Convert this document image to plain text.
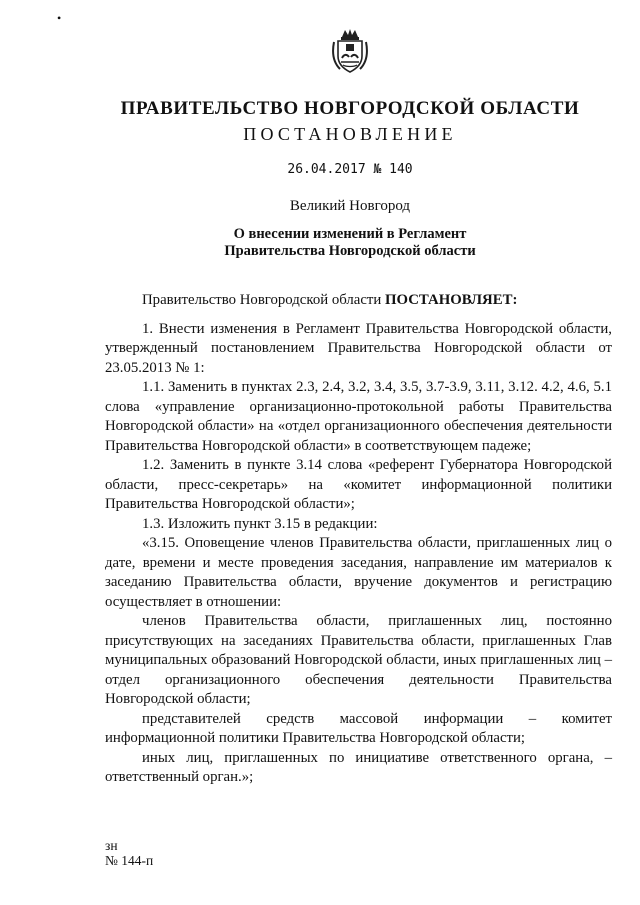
•
ПРАВИТЕЛЬСТВО НОВГОРОДСКОЙ ОБЛАСТИ
ПОСТАНОВЛЕНИЕ
26.04.2017 № 140
Великий Новгород
О внесении изменений в Регламент
Правительства Новгородской области

Правительство Новгородской области ПОСТАНОВЛЯЕТ:

1. Внести изменения в Регламент Правительства Новгородской области, утвержденный постановлением Правительства Новгородской области от 23.05.2013 № 1:

1.1. Заменить в пунктах 2.3, 2.4, 3.2, 3.4, 3.5, 3.7-3.9, 3.11, 3.12. 4.2, 4.6, 5.1 слова «управление организационно-протокольной работы Правительства Новгородской области» на «отдел организационного обеспечения деятельности Правительства Новгородской области» в соответствующем падеже;

1.2. Заменить в пункте 3.14 слова «референт Губернатора Новгородской области, пресс-секретарь» на «комитет информационной политики Правительства Новгородской области»;

1.3. Изложить пункт 3.15 в редакции:

«3.15. Оповещение членов Правительства области, приглашенных лиц о дате, времени и месте проведения заседания, направление им материалов к заседанию Правительства области, вручение документов и регистрацию осуществляет в отношении:

членов Правительства области, приглашенных лиц, постоянно присутствующих на заседаниях Правительства области, приглашенных Глав муниципальных образований Новгородской области, иных приглашенных лиц – отдел организационного обеспечения деятельности Правительства Новгородской области;

представителей средств массовой информации – комитет информационной политики Правительства Новгородской области;

иных лиц, приглашенных по инициативе ответственного органа, – ответственный орган.»;

зн
№ 144-п
